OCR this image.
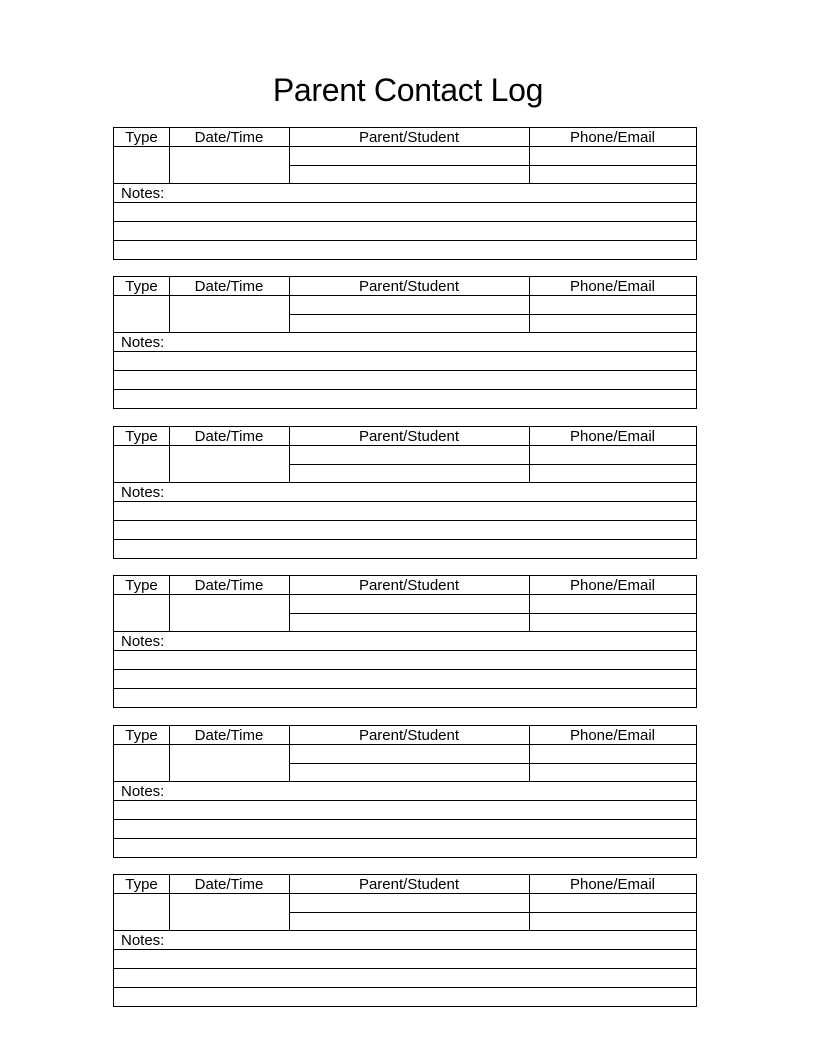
Parent Contact Log
Type	Date/Time	Parent/Student	Phone/Email
Notes:
Type	Date/Time	Parent/Student	Phone/Email
Notes:
Type	Date/Time	Parent/Student	Phone/Email
Notes:
Type	Date/Time	Parent/Student	Phone/Email
Notes:
Type	Date/Time	Parent/Student	Phone/Email
Notes:
Type	Date/Time	Parent/Student	Phone/Email
Notes:
